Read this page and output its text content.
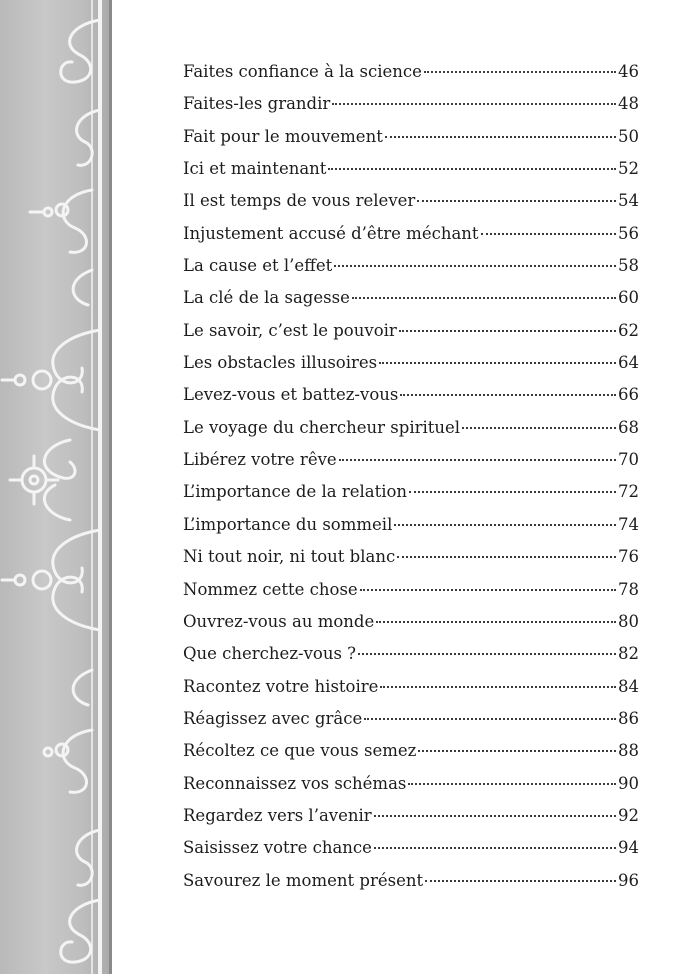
Faites confiance à la science	46
Faites-les grandir	48
Fait pour le mouvement	50
Ici et maintenant	52
Il est temps de vous relever	54
Injustement accusé d’être méchant	56
La cause et l’effet	58
La clé de la sagesse	60
Le savoir, c’est le pouvoir	62
Les obstacles illusoires	64
Levez-vous et battez-vous	66
Le voyage du chercheur spirituel	68
Libérez votre rêve	70
L’importance de la relation	72
L’importance du sommeil	74
Ni tout noir, ni tout blanc	76
Nommez cette chose	78
Ouvrez-vous au monde	80
Que cherchez-vous ?	82
Racontez votre histoire	84
Réagissez avec grâce	86
Récoltez ce que vous semez	88
Reconnaissez vos schémas	90
Regardez vers l’avenir	92
Saisissez votre chance	94
Savourez le moment présent	96
